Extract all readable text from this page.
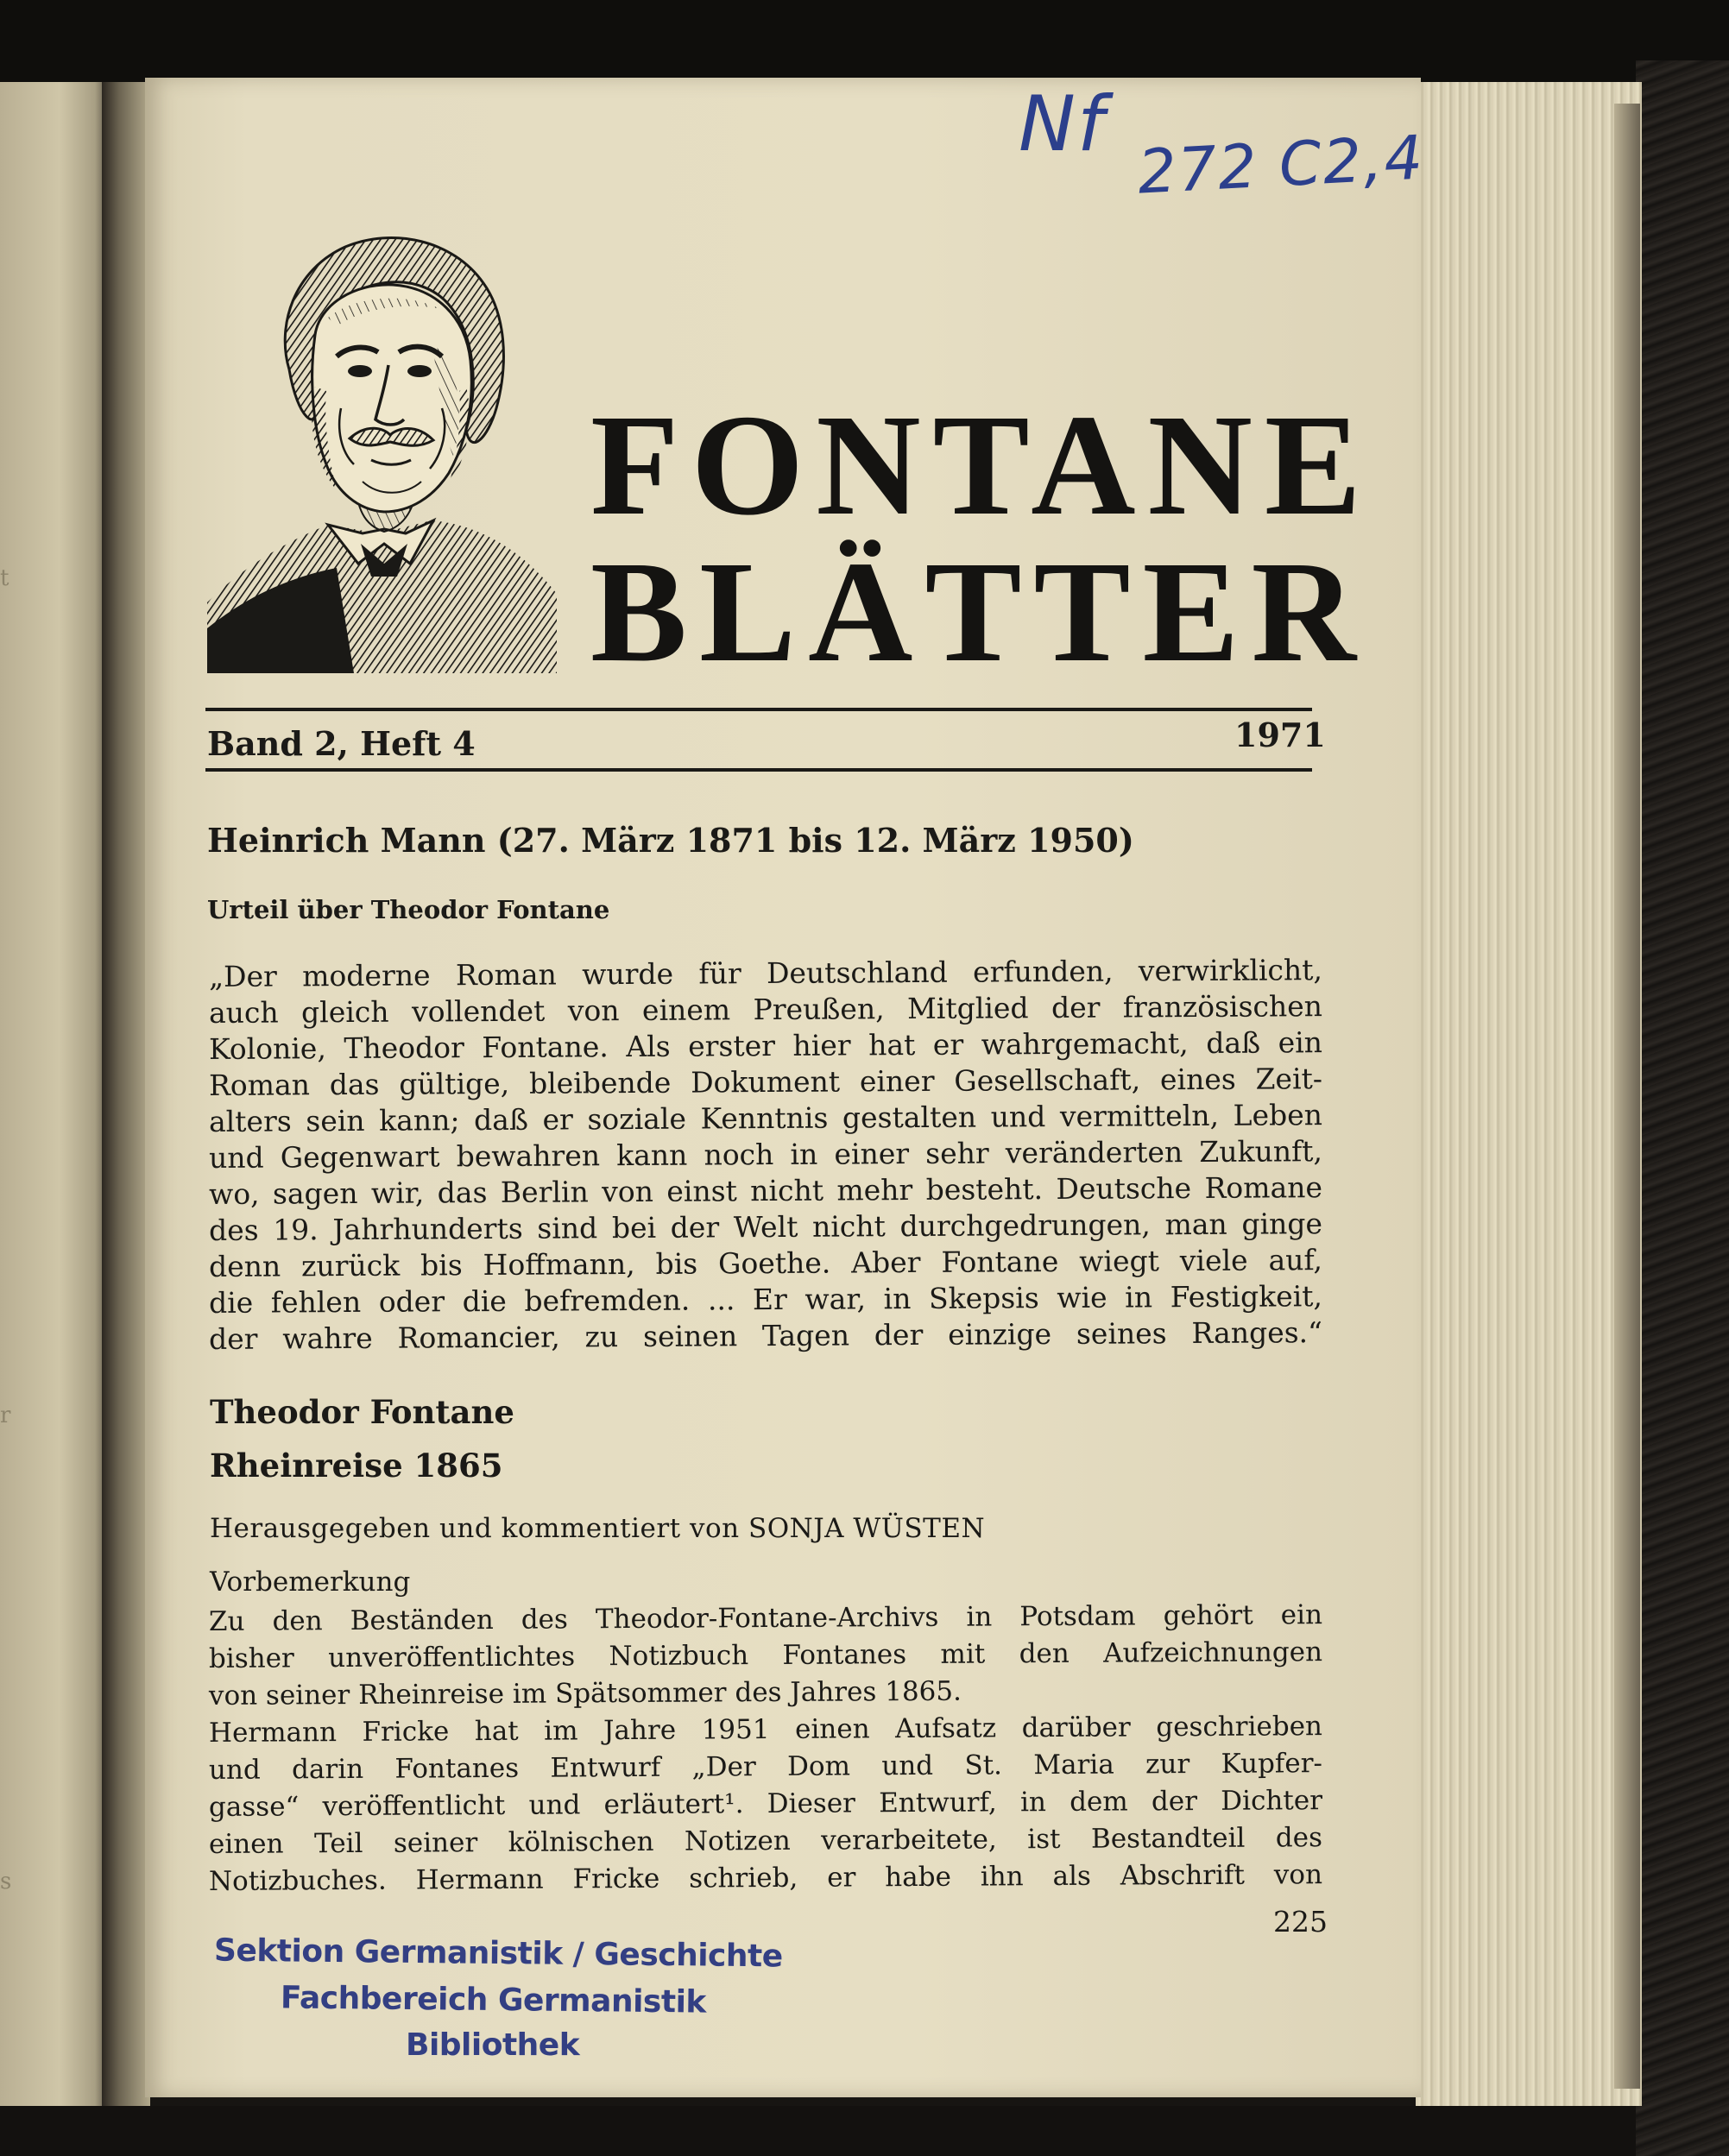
t
r
s
Nf 272 C2,4
FONTANE
BLÄTTER
Band 2, Heft 4	1971
Heinrich Mann (27. März 1871 bis 12. März 1950)
Urteil über Theodor Fontane
„Der moderne Roman wurde für Deutschland erfunden, verwirklicht,
auch gleich vollendet von einem Preußen, Mitglied der französischen
Kolonie, Theodor Fontane. Als erster hier hat er wahrgemacht, daß ein
Roman das gültige, bleibende Dokument einer Gesellschaft, eines Zeit-
alters sein kann; daß er soziale Kenntnis gestalten und vermitteln, Leben
und Gegenwart bewahren kann noch in einer sehr veränderten Zukunft,
wo, sagen wir, das Berlin von einst nicht mehr besteht. Deutsche Romane
des 19. Jahrhunderts sind bei der Welt nicht durchgedrungen, man ginge
denn zurück bis Hoffmann, bis Goethe. Aber Fontane wiegt viele auf,
die fehlen oder die befremden. ... Er war, in Skepsis wie in Festigkeit,
der wahre Romancier, zu seinen Tagen der einzige seines Ranges.“
Theodor Fontane
Rheinreise 1865
Herausgegeben und kommentiert von SONJA WÜSTEN
Vorbemerkung
Zu den Beständen des Theodor-Fontane-Archivs in Potsdam gehört ein
bisher unveröffentlichtes Notizbuch Fontanes mit den Aufzeichnungen
von seiner Rheinreise im Spätsommer des Jahres 1865.
Hermann Fricke hat im Jahre 1951 einen Aufsatz darüber geschrieben
und darin Fontanes Entwurf „Der Dom und St. Maria zur Kupfer-
gasse“ veröffentlicht und erläutert¹. Dieser Entwurf, in dem der Dichter
einen Teil seiner kölnischen Notizen verarbeitete, ist Bestandteil des
Notizbuches. Hermann Fricke schrieb, er habe ihn als Abschrift von
225
Sektion Germanistik / Geschichte
Fachbereich Germanistik
Bibliothek
